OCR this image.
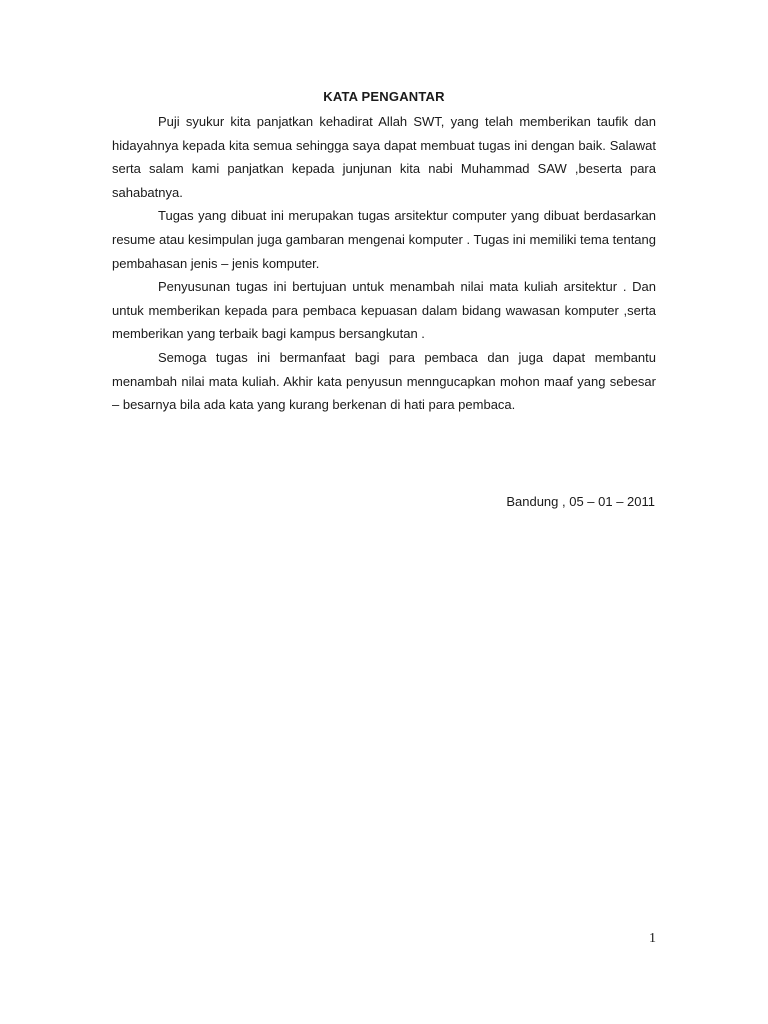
KATA PENGANTAR

Puji syukur kita panjatkan kehadirat Allah SWT, yang telah memberikan taufik dan hidayahnya kepada kita semua sehingga saya dapat membuat tugas ini dengan baik. Salawat serta salam kami panjatkan kepada junjunan kita nabi Muhammad SAW ,beserta para sahabatnya.

Tugas yang dibuat ini merupakan tugas arsitektur computer yang dibuat berdasarkan resume atau kesimpulan juga gambaran mengenai komputer . Tugas ini memiliki tema tentang pembahasan jenis – jenis komputer.

Penyusunan tugas ini bertujuan untuk menambah nilai mata kuliah arsitektur . Dan untuk memberikan kepada para pembaca kepuasan dalam bidang wawasan komputer ,serta memberikan yang terbaik bagi kampus bersangkutan .

Semoga tugas ini bermanfaat bagi para pembaca dan juga dapat membantu menambah nilai mata kuliah. Akhir kata penyusun menngucapkan mohon maaf yang sebesar – besarnya bila ada kata yang kurang berkenan di hati para pembaca.

Bandung , 05 – 01 – 2011
1
